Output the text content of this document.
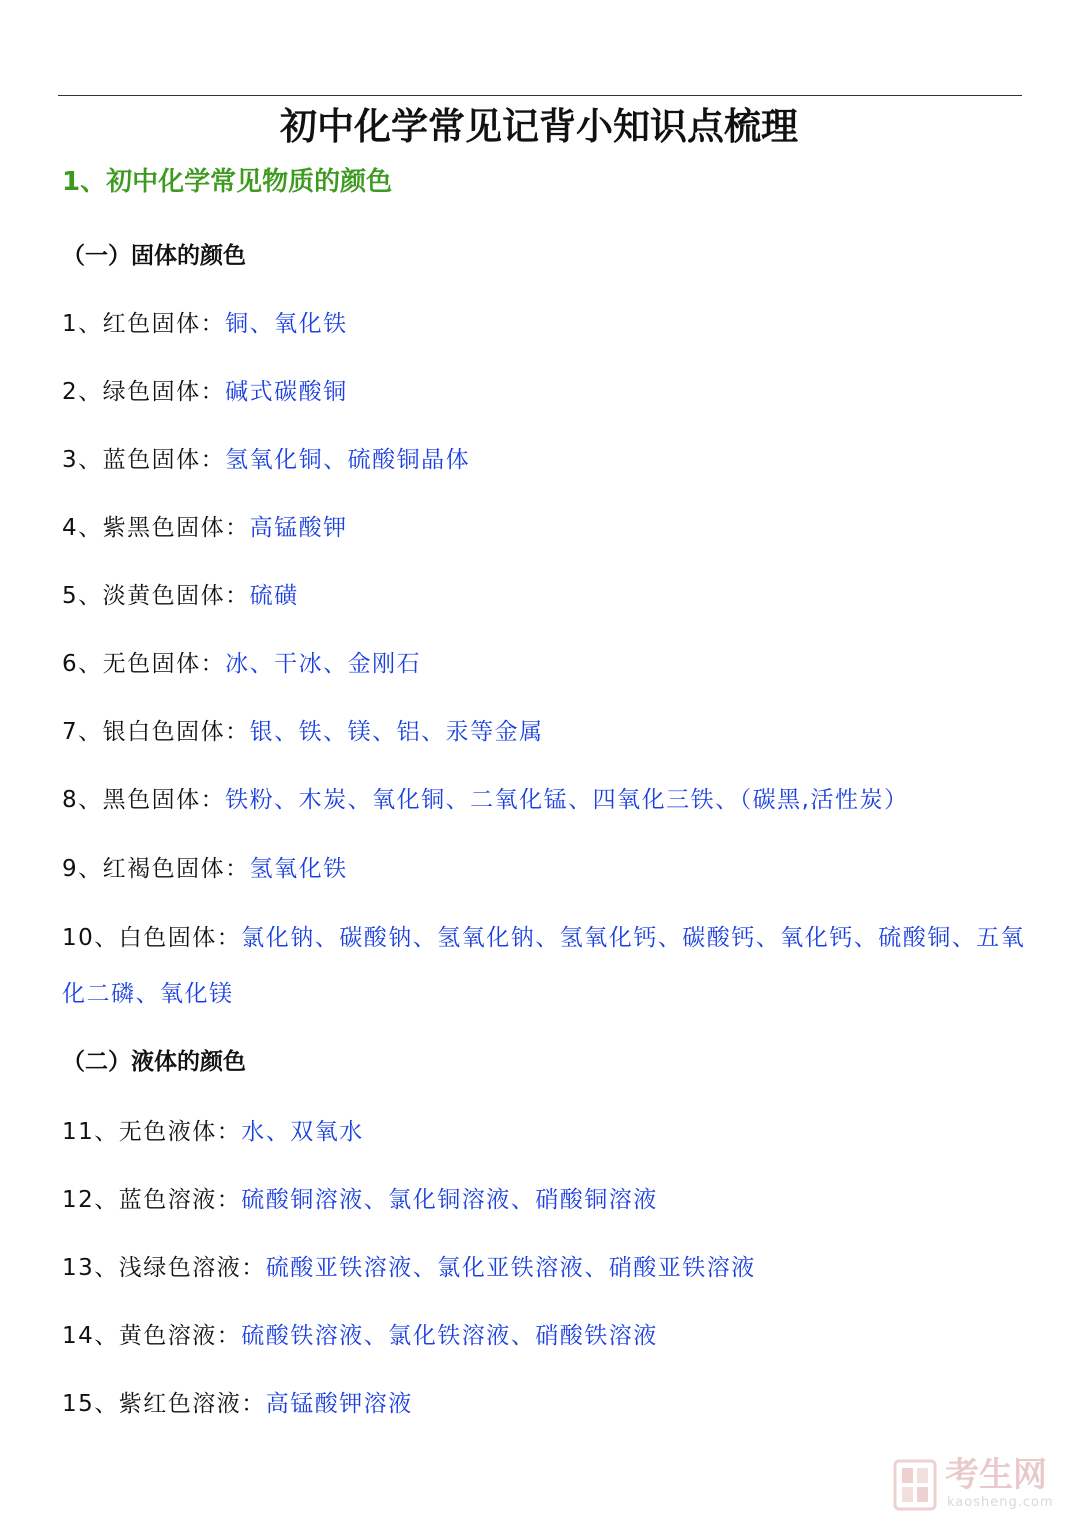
初中化学常见记背小知识点梳理
1、初中化学常见物质的颜色
（一）固体的颜色
1、红色固体：铜、氧化铁
2、绿色固体：碱式碳酸铜
3、蓝色固体：氢氧化铜、硫酸铜晶体
4、紫黑色固体：高锰酸钾
5、淡黄色固体：硫磺
6、无色固体：冰、干冰、金刚石
7、银白色固体：银、铁、镁、铝、汞等金属
8、黑色固体：铁粉、木炭、氧化铜、二氧化锰、四氧化三铁、（碳黑,活性炭）
9、红褐色固体：氢氧化铁
10、白色固体：氯化钠、碳酸钠、氢氧化钠、氢氧化钙、碳酸钙、氧化钙、硫酸铜、五氧化二磷、氧化镁
（二）液体的颜色
11、无色液体：水、双氧水
12、蓝色溶液：硫酸铜溶液、氯化铜溶液、硝酸铜溶液
13、浅绿色溶液：硫酸亚铁溶液、氯化亚铁溶液、硝酸亚铁溶液
14、黄色溶液：硫酸铁溶液、氯化铁溶液、硝酸铁溶液
15、紫红色溶液：高锰酸钾溶液
考生网
kaosheng.com
